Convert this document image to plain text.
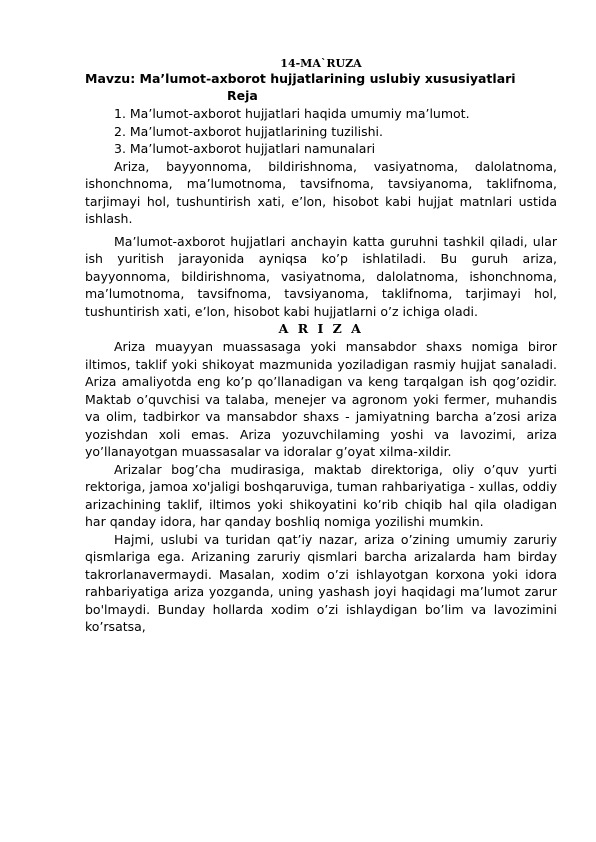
14-MA`RUZA

Mavzu: Ma’lumot-axborot hujjatlarining uslubiy xususiyatlari

Reja

1. Ma’lumot-axborot hujjatlari haqida umumiy ma’lumot.

2. Ma’lumot-axborot hujjatlarining tuzilishi.

3. Ma’lumot-axborot hujjatlari namunalari

Ariza, bayyonnoma, bildirishnoma, vasiyatnoma, dalolatnoma, ishonchnoma, ma’lumotnoma, tavsifnoma, tavsiyanoma, taklifnoma, tarjimayi hol, tushuntirish xati, e’lon, hisobot kabi hujjat matnlari ustida ishlash.

Ma’lumot-axborot hujjatlari anchayin katta guruhni tashkil qiladi, ular ish yuritish jarayonida ayniqsa ko’p ishlatiladi. Bu guruh ariza, bayyonnoma, bildirishnoma, vasiyatnoma, dalolatnoma, ishonchnoma, ma’lumotnoma, tavsifnoma, tavsiyanoma, taklifnoma, tarjimayi hol, tushuntirish xati, e’lon, hisobot kabi hujjatlarni o’z ichiga oladi.

A R I Z A

Ariza muayyan muassasaga yoki mansabdor shaxs nomiga biror iltimos, taklif yoki shikoyat mazmunida yoziladigan rasmiy hujjat sanaladi. Ariza amaliyotda eng ko’p qo’llanadigan va keng tarqalgan ish qog’ozidir. Maktab o’quvchisi va talaba, menejer va agronom yoki fermer, muhandis va olim, tadbirkor va mansabdor shaxs - jamiyatning barcha a’zosi ariza yozishdan xoli emas. Ariza yozuvchilaming yoshi va lavozimi, ariza yo’llanayotgan muassasalar va idoralar g’oyat xilma-xildir.

Arizalar bog’cha mudirasiga, maktab direktoriga, oliy o’quv yurti rektoriga, jamoa xo'jaligi boshqaruviga, tuman rahbariyatiga - xullas, oddiy arizachining taklif, iltimos yoki shikoyatini ko’rib chiqib hal qila oladigan har qanday idora, har qanday boshliq nomiga yozilishi mumkin.

Hajmi, uslubi va turidan qat’iy nazar, ariza o’zining umumiy zaruriy qismlariga ega. Arizaning zaruriy qismlari barcha arizalarda ham birday takrorlanavermaydi. Masalan, xodim o’zi ishlayotgan korxona yoki idora rahbariyatiga ariza yozganda, uning yashash joyi haqidagi ma’lumot zarur bo'lmaydi. Bunday hollarda xodim o’zi ishlaydigan bo’lim va lavozimini ko’rsatsa,
